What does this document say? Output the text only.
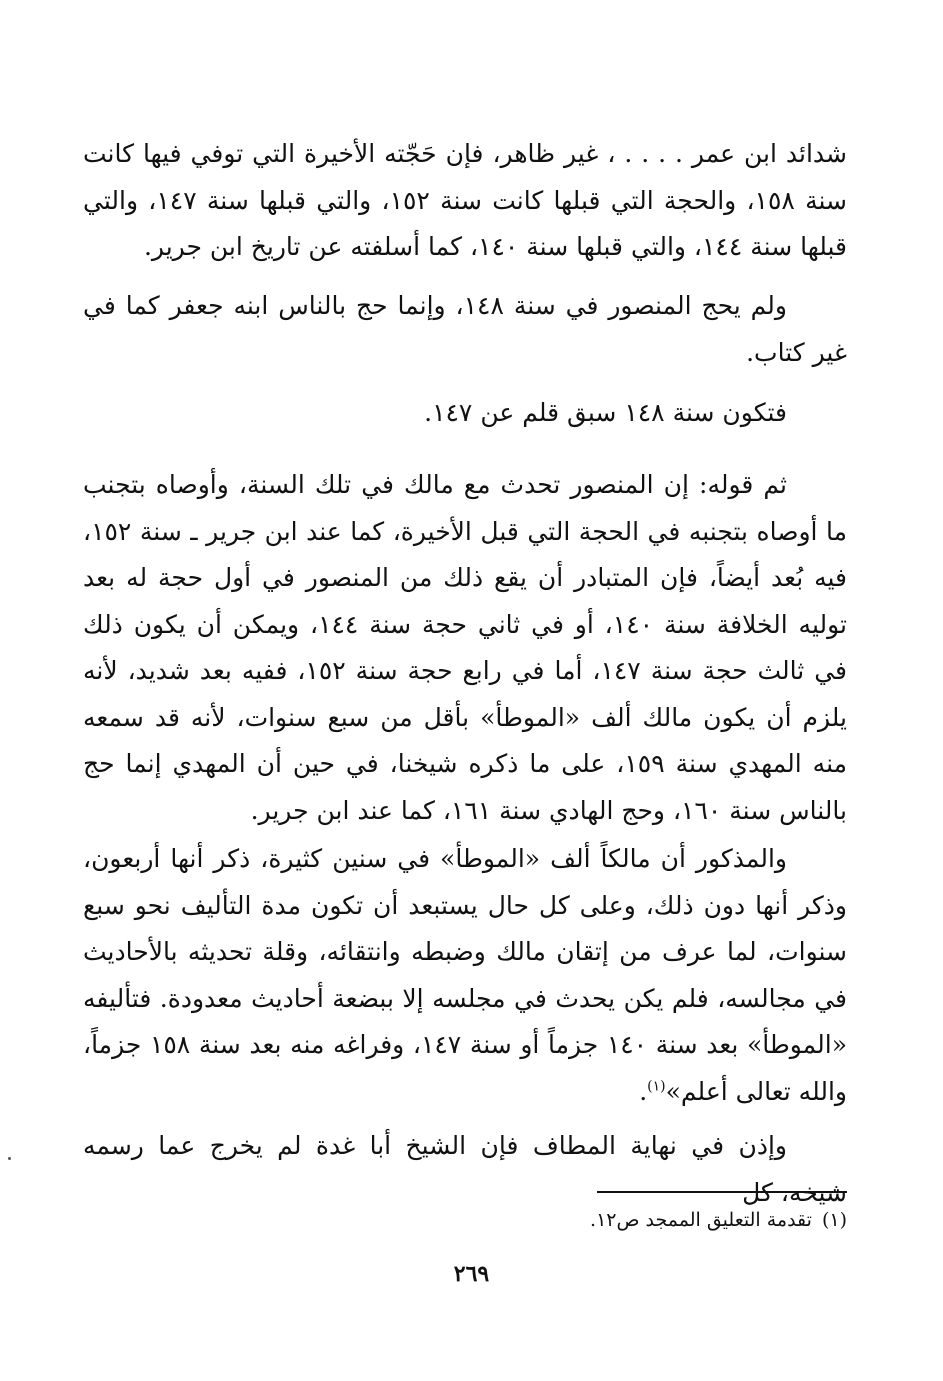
شدائد ابن عمر . . . . ، غير ظاهر، فإن حَجّته الأخيرة التي توفي فيها كانت سنة ١٥٨، والحجة التي قبلها كانت سنة ١٥٢، والتي قبلها سنة ١٤٧، والتي قبلها سنة ١٤٤، والتي قبلها سنة ١٤٠، كما أسلفته عن تاريخ ابن جرير.

ولم يحج المنصور في سنة ١٤٨، وإنما حج بالناس ابنه جعفر كما في غير كتاب.

فتكون سنة ١٤٨ سبق قلم عن ١٤٧.

ثم قوله: إن المنصور تحدث مع مالك في تلك السنة، وأوصاه بتجنب ما أوصاه بتجنبه في الحجة التي قبل الأخيرة، كما عند ابن جرير ـ سنة ١٥٢، فيه بُعد أيضاً، فإن المتبادر أن يقع ذلك من المنصور في أول حجة له بعد توليه الخلافة سنة ١٤٠، أو في ثاني حجة سنة ١٤٤، ويمكن أن يكون ذلك في ثالث حجة سنة ١٤٧، أما في رابع حجة سنة ١٥٢، ففيه بعد شديد، لأنه يلزم أن يكون مالك ألف «الموطأ» بأقل من سبع سنوات، لأنه قد سمعه منه المهدي سنة ١٥٩، على ما ذكره شيخنا، في حين أن المهدي إنما حج بالناس سنة ١٦٠، وحج الهادي سنة ١٦١، كما عند ابن جرير.

والمذكور أن مالكاً ألف «الموطأ» في سنين كثيرة، ذكر أنها أربعون، وذكر أنها دون ذلك، وعلى كل حال يستبعد أن تكون مدة التأليف نحو سبع سنوات، لما عرف من إتقان مالك وضبطه وانتقائه، وقلة تحديثه بالأحاديث في مجالسه، فلم يكن يحدث في مجلسه إلا ببضعة أحاديث معدودة. فتأليفه «الموطأ» بعد سنة ١٤٠ جزماً أو سنة ١٤٧، وفراغه منه بعد سنة ١٥٨ جزماً، والله تعالى أعلم»$^{(١)}$.

وإذن في نهاية المطاف فإن الشيخ أبا غدة لم يخرج عما رسمه شيخه، كل

(١)تقدمة التعليق الممجد ص١٢.
٢٦٩
